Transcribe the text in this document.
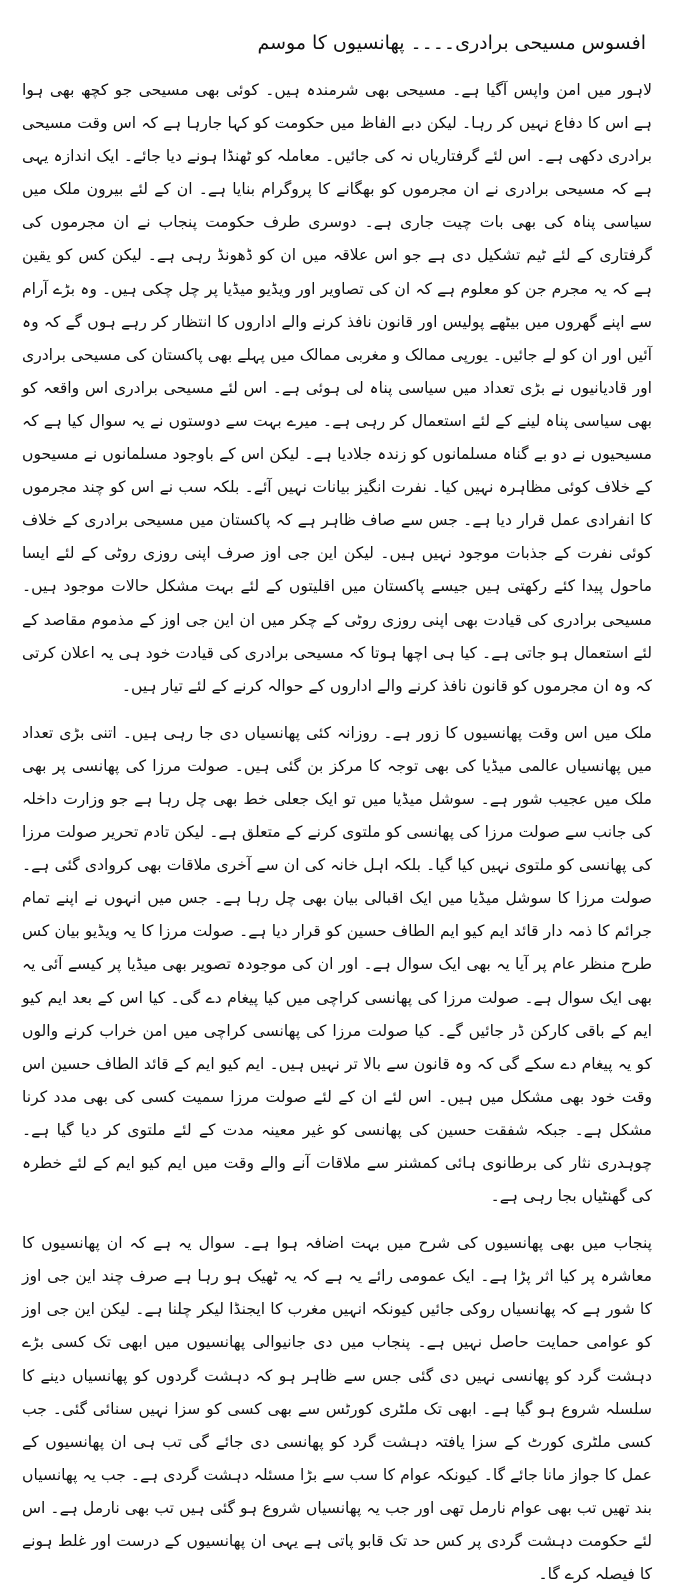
افسوس مسیحی برادری۔۔۔۔ پھانسیوں کا موسم

لاہور میں امن واپس آگیا ہے۔ مسیحی بھی شرمندہ ہیں۔ کوئی بھی مسیحی جو کچھ بھی ہوا ہے اس کا دفاع نہیں کر رہا۔ لیکن دبے الفاظ میں حکومت کو کہا جارہا ہے کہ اس وقت مسیحی برادری دکھی ہے۔ اس لئے گرفتاریاں نہ کی جائیں۔ معاملہ کو ٹھنڈا ہونے دیا جائے۔ ایک اندازہ یہی ہے کہ مسیحی برادری نے ان مجرموں کو بھگانے کا پروگرام بنایا ہے۔ ان کے لئے بیرون ملک میں سیاسی پناہ کی بھی بات چیت جاری ہے۔ دوسری طرف حکومت پنجاب نے ان مجرموں کی گرفتاری کے لئے ٹیم تشکیل دی ہے جو اس علاقہ میں ان کو ڈھونڈ رہی ہے۔ لیکن کس کو یقین ہے کہ یہ مجرم جن کو معلوم ہے کہ ان کی تصاویر اور ویڈیو میڈیا پر چل چکی ہیں۔ وہ بڑے آرام سے اپنے گھروں میں بیٹھے پولیس اور قانون نافذ کرنے والے اداروں کا انتظار کر رہے ہوں گے کہ وہ آئیں اور ان کو لے جائیں۔ یورپی ممالک و مغربی ممالک میں پہلے بھی پاکستان کی مسیحی برادری اور قادیانیوں نے بڑی تعداد میں سیاسی پناہ لی ہوئی ہے۔ اس لئے مسیحی برادری اس واقعہ کو بھی سیاسی پناہ لینے کے لئے استعمال کر رہی ہے۔ میرے بہت سے دوستوں نے یہ سوال کیا ہے کہ مسیحیوں نے دو بے گناہ مسلمانوں کو زندہ جلادیا ہے۔ لیکن اس کے باوجود مسلمانوں نے مسیحوں کے خلاف کوئی مظاہرہ نہیں کیا۔ نفرت انگیز بیانات نہیں آئے۔ بلکہ سب نے اس کو چند مجرموں کا انفرادی عمل قرار دیا ہے۔ جس سے صاف ظاہر ہے کہ پاکستان میں مسیحی برادری کے خلاف کوئی نفرت کے جذبات موجود نہیں ہیں۔ لیکن این جی اوز صرف اپنی روزی روٹی کے لئے ایسا ماحول پیدا کئے رکھتی ہیں جیسے پاکستان میں اقلیتوں کے لئے بہت مشکل حالات موجود ہیں۔ مسیحی برادری کی قیادت بھی اپنی روزی روٹی کے چکر میں ان این جی اوز کے مذموم مقاصد کے لئے استعمال ہو جاتی ہے۔ کیا ہی اچھا ہوتا کہ مسیحی برادری کی قیادت خود ہی یہ اعلان کرتی کہ وہ ان مجرموں کو قانون نافذ کرنے والے اداروں کے حوالہ کرنے کے لئے تیار ہیں۔

ملک میں اس وقت پھانسیوں کا زور ہے۔ روزانہ کئی پھانسیاں دی جا رہی ہیں۔ اتنی بڑی تعداد میں پھانسیاں عالمی میڈیا کی بھی توجہ کا مرکز بن گئی ہیں۔ صولت مرزا کی پھانسی پر بھی ملک میں عجیب شور ہے۔ سوشل میڈیا میں تو ایک جعلی خط بھی چل رہا ہے جو وزارت داخلہ کی جانب سے صولت مرزا کی پھانسی کو ملتوی کرنے کے متعلق ہے۔ لیکن تادم تحریر صولت مرزا کی پھانسی کو ملتوی نہیں کیا گیا۔ بلکہ اہل خانہ کی ان سے آخری ملاقات بھی کروادی گئی ہے۔ صولت مرزا کا سوشل میڈیا میں ایک اقبالی بیان بھی چل رہا ہے۔ جس میں انہوں نے اپنے تمام جرائم کا ذمہ دار قائد ایم کیو ایم الطاف حسین کو قرار دیا ہے۔ صولت مرزا کا یہ ویڈیو بیان کس طرح منظر عام پر آیا یہ بھی ایک سوال ہے۔ اور ان کی موجودہ تصویر بھی میڈیا پر کیسے آئی یہ بھی ایک سوال ہے۔ صولت مرزا کی پھانسی کراچی میں کیا پیغام دے گی۔ کیا اس کے بعد ایم کیو ایم کے باقی کارکن ڈر جائیں گے۔ کیا صولت مرزا کی پھانسی کراچی میں امن خراب کرنے والوں کو یہ پیغام دے سکے گی کہ وہ قانون سے بالا تر نہیں ہیں۔ ایم کیو ایم کے قائد الطاف حسین اس وقت خود بھی مشکل میں ہیں۔ اس لئے ان کے لئے صولت مرزا سمیت کسی کی بھی مدد کرنا مشکل ہے۔ جبکہ شفقت حسین کی پھانسی کو غیر معینہ مدت کے لئے ملتوی کر دیا گیا ہے۔ چوہدری نثار کی برطانوی ہائی کمشنر سے ملاقات آنے والے وقت میں ایم کیو ایم کے لئے خطرہ کی گھنٹیاں بجا رہی ہے۔

پنجاب میں بھی پھانسیوں کی شرح میں بہت اضافہ ہوا ہے۔ سوال یہ ہے کہ ان پھانسیوں کا معاشرہ پر کیا اثر پڑا ہے۔ ایک عمومی رائے یہ ہے کہ یہ ٹھیک ہو رہا ہے صرف چند این جی اوز کا شور ہے کہ پھانسیاں روکی جائیں کیونکہ انہیں مغرب کا ایجنڈا لیکر چلنا ہے۔ لیکن این جی اوز کو عوامی حمایت حاصل نہیں ہے۔ پنجاب میں دی جانیوالی پھانسیوں میں ابھی تک کسی بڑے دہشت گرد کو پھانسی نہیں دی گئی جس سے ظاہر ہو کہ دہشت گردوں کو پھانسیاں دینے کا سلسلہ شروع ہو گیا ہے۔ ابھی تک ملٹری کورٹس سے بھی کسی کو سزا نہیں سنائی گئی۔ جب کسی ملٹری کورٹ کے سزا یافتہ دہشت گرد کو پھانسی دی جائے گی تب ہی ان پھانسیوں کے عمل کا جواز مانا جائے گا۔ کیونکہ عوام کا سب سے بڑا مسئلہ دہشت گردی ہے۔ جب یہ پھانسیاں بند تھیں تب بھی عوام نارمل تھی اور جب یہ پھانسیاں شروع ہو گئی ہیں تب بھی نارمل ہے۔ اس لئے حکومت دہشت گردی پر کس حد تک قابو پاتی ہے یہی ان پھانسیوں کے درست اور غلط ہونے کا فیصلہ کرے گا۔
